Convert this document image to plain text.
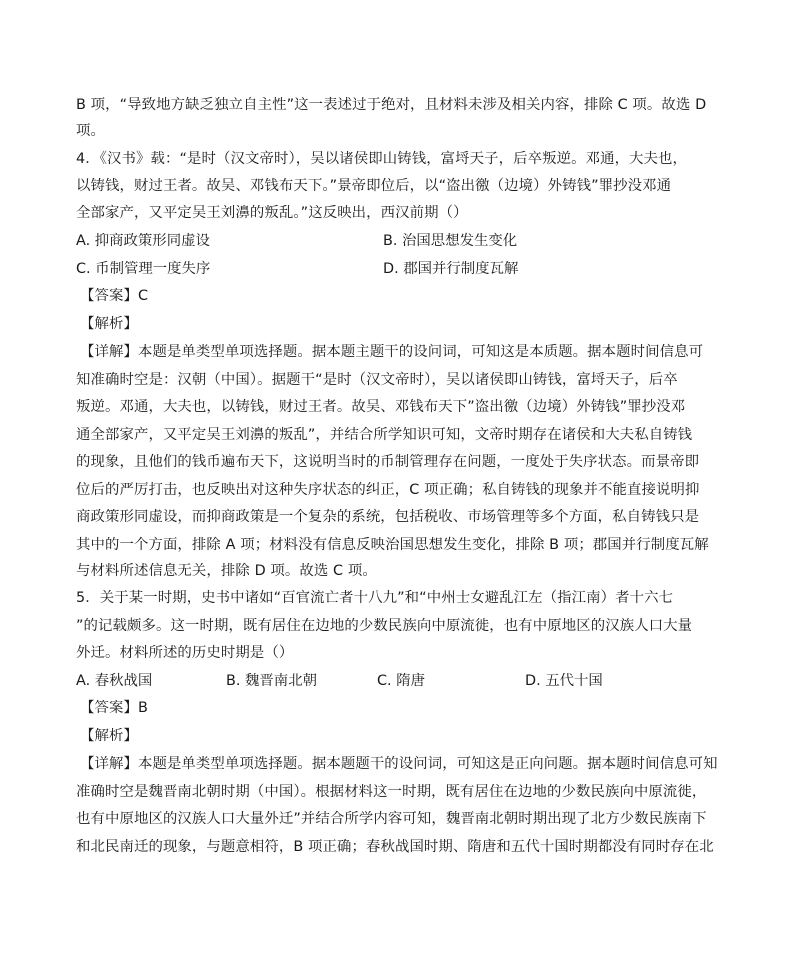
B 项，“导致地方缺乏独立自主性”这一表述过于绝对，且材料未涉及相关内容，排除 C 项。故选 D
项。
4．《汉书》载：“是时（汉文帝时），吴以诸侯即山铸钱，富埒天子，后卒叛逆。邓通，大夫也，
以铸钱，财过王者。故吴、邓钱布天下。”景帝即位后，以“盗出徼（边境）外铸钱”罪抄没邓通
全部家产，又平定吴王刘濞的叛乱。”这反映出，西汉前期（）
A. 抑商政策形同虚设	B. 治国思想发生变化
C. 币制管理一度失序	D. 郡国并行制度瓦解
【答案】C
【解析】
【详解】本题是单类型单项选择题。据本题主题干的设问词，可知这是本质题。据本题时间信息可
知准确时空是：汉朝（中国）。据题干“是时（汉文帝时），吴以诸侯即山铸钱，富埒天子，后卒
叛逆。邓通，大夫也，以铸钱，财过王者。故吴、邓钱布天下”盗出徼（边境）外铸钱”罪抄没邓
通全部家产，又平定吴王刘濞的叛乱”，并结合所学知识可知，文帝时期存在诸侯和大夫私自铸钱
的现象，且他们的钱币遍布天下，这说明当时的币制管理存在问题，一度处于失序状态。而景帝即
位后的严厉打击，也反映出对这种失序状态的纠正，C 项正确；私自铸钱的现象并不能直接说明抑
商政策形同虚设，而抑商政策是一个复杂的系统，包括税收、市场管理等多个方面，私自铸钱只是
其中的一个方面，排除 A 项；材料没有信息反映治国思想发生变化，排除 B 项；郡国并行制度瓦解
与材料所述信息无关，排除 D 项。故选 C 项。
5．关于某一时期，史书中诸如“百官流亡者十八九”和“中州士女避乱江左（指江南）者十六七
”的记载颇多。这一时期，既有居住在边地的少数民族向中原流徙，也有中原地区的汉族人口大量
外迁。材料所述的历史时期是（）
A. 春秋战国	B. 魏晋南北朝	C. 隋唐	D. 五代十国
【答案】B
【解析】
【详解】本题是单类型单项选择题。据本题题干的设问词，可知这是正向问题。据本题时间信息可知
准确时空是魏晋南北朝时期（中国）。根据材料这一时期，既有居住在边地的少数民族向中原流徙，
也有中原地区的汉族人口大量外迁”并结合所学内容可知，魏晋南北朝时期出现了北方少数民族南下
和北民南迁的现象，与题意相符，B 项正确；春秋战国时期、隋唐和五代十国时期都没有同时存在北
